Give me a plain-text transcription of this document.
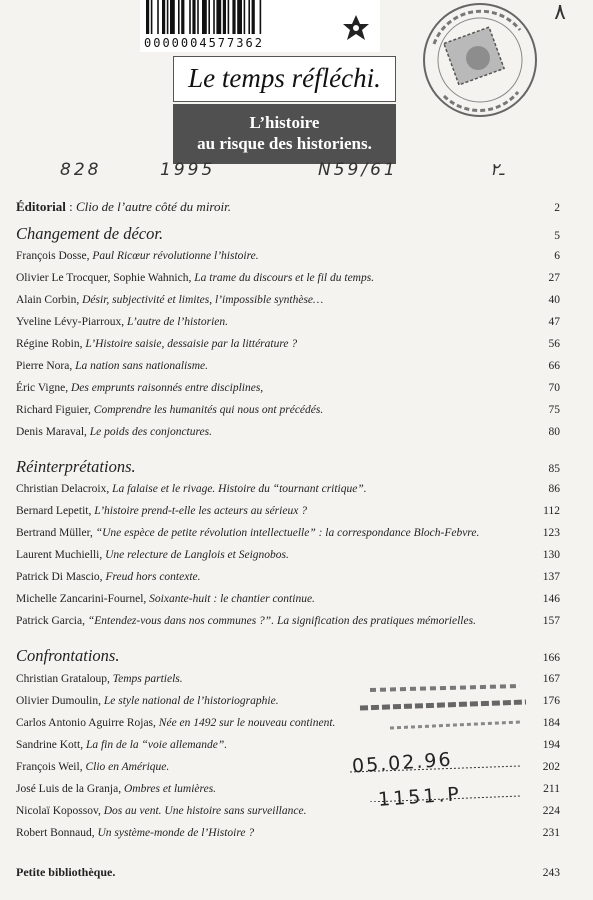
0000004577362
٨
Le temps réfléchi.
L’histoire
au risque des historiens.
828	1995	N59/61	ـ٢
Éditorial : Clio de l’autre côté du miroir.	2
Changement de décor.	5
François Dosse, Paul Ricœur révolutionne l’histoire.	6
Olivier Le Trocquer, Sophie Wahnich, La trame du discours et le fil du temps.	27
Alain Corbin, Désir, subjectivité et limites, l’impossible synthèse…	40
Yveline Lévy-Piarroux, L’autre de l’historien.	47
Régine Robin, L’Histoire saisie, dessaisie par la littérature ?	56
Pierre Nora, La nation sans nationalisme.	66
Éric Vigne, Des emprunts raisonnés entre disciplines,	70
Richard Figuier, Comprendre les humanités qui nous ont précédés.	75
Denis Maraval, Le poids des conjonctures.	80
Réinterprétations.	85
Christian Delacroix, La falaise et le rivage. Histoire du “tournant critique”.	86
Bernard Lepetit, L’histoire prend-t-elle les acteurs au sérieux ?	112
Bertrand Müller, “Une espèce de petite révolution intellectuelle” : la correspondance Bloch-Febvre.	123
Laurent Muchielli, Une relecture de Langlois et Seignobos.	130
Patrick Di Mascio, Freud hors contexte.	137
Michelle Zancarini-Fournel, Soixante-huit : le chantier continue.	146
Patrick Garcia, “Entendez-vous dans nos communes ?”. La signification des pratiques mémorielles.	157
Confrontations.	166
Christian Grataloup, Temps partiels.	167
Olivier Dumoulin, Le style national de l’historiographie.	176
Carlos Antonio Aguirre Rojas, Née en 1492 sur le nouveau continent.	184
Sandrine Kott, La fin de la “voie allemande”.	194
François Weil, Clio en Amérique.	202
José Luis de la Granja, Ombres et lumières.	211
Nicolaï Kopossov, Dos au vent. Une histoire sans surveillance.	224
Robert Bonnaud, Un système-monde de l’Histoire ?	231
Petite bibliothèque.	243
05.02.96
1151.P
